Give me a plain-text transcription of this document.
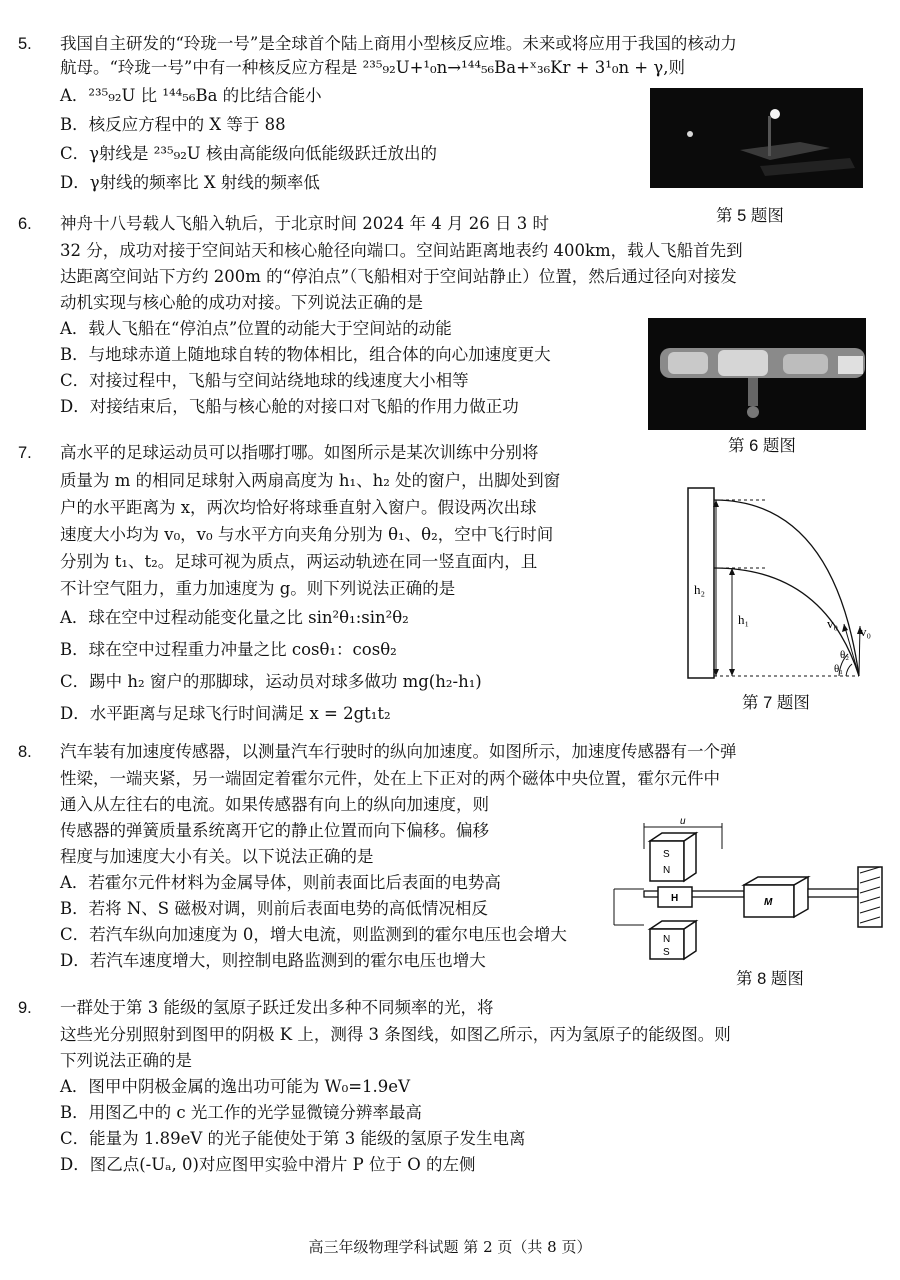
5. 我国自主研发的“玲珑一号”是全球首个陆上商用小型核反应堆。未来或将应用于我国的核动力
航母。“玲珑一号”中有一种核反应方程是 ²³⁵₉₂U+¹₀n→¹⁴⁴₅₆Ba+ˣ₃₆Kr + 3¹₀n + γ,则
A．²³⁵₉₂U 比 ¹⁴⁴₅₆Ba 的比结合能小
B．核反应方程中的 X 等于 88
C．γ射线是 ²³⁵₉₂U 核由高能级向低能级跃迁放出的
D．γ射线的频率比 X 射线的频率低
第 5 题图
6. 神舟十八号载人飞船入轨后，于北京时间 2024 年 4 月 26 日 3 时
32 分，成功对接于空间站天和核心舱径向端口。空间站距离地表约 400km，载人飞船首先到
达距离空间站下方约 200m 的“停泊点”（飞船相对于空间站静止）位置，然后通过径向对接发
动机实现与核心舱的成功对接。下列说法正确的是
A．载人飞船在“停泊点”位置的动能大于空间站的动能
B．与地球赤道上随地球自转的物体相比，组合体的向心加速度更大
C．对接过程中，飞船与空间站绕地球的线速度大小相等
D．对接结束后，飞船与核心舱的对接口对飞船的作用力做正功
第 6 题图
7. 高水平的足球运动员可以指哪打哪。如图所示是某次训练中分别将
质量为 m 的相同足球射入两扇高度为 h₁、h₂ 处的窗户，出脚处到窗
户的水平距离为 x，两次均恰好将球垂直射入窗户。假设两次出球
速度大小均为 v₀，v₀ 与水平方向夹角分别为 θ₁、θ₂，空中飞行时间
分别为 t₁、t₂。足球可视为质点，两运动轨迹在同一竖直面内，且
不计空气阻力，重力加速度为 g。则下列说法正确的是
A．球在空中过程动能变化量之比 sin²θ₁:sin²θ₂
B．球在空中过程重力冲量之比 cosθ₁：cosθ₂
C．踢中 h₂ 窗户的那脚球，运动员对球多做功 mg(h₂-h₁)
D．水平距离与足球飞行时间满足 x = 2gt₁t₂
h₂
h₁	v₀
v₀
θ₂
θ₁
第 7 题图
8. 汽车装有加速度传感器，以测量汽车行驶时的纵向加速度。如图所示，加速度传感器有一个弹
性梁，一端夹紧，另一端固定着霍尔元件，处在上下正对的两个磁体中央位置，霍尔元件中
通入从左往右的电流。如果传感器有向上的纵向加速度，则
传感器的弹簧质量系统离开它的静止位置而向下偏移。偏移
程度与加速度大小有关。以下说法正确的是
A．若霍尔元件材料为金属导体，则前表面比后表面的电势高
B．若将 N、S 磁极对调，则前后表面电势的高低情况相反
C．若汽车纵向加速度为 0，增大电流，则监测到的霍尔电压也会增大
D．若汽车速度增大，则控制电路监测到的霍尔电压也增大
u
S
N
H	M
N
S
第 8 题图
9. 一群处于第 3 能级的氢原子跃迁发出多种不同频率的光，将
这些光分别照射到图甲的阴极 K 上，测得 3 条图线，如图乙所示，丙为氢原子的能级图。则
下列说法正确的是
A．图甲中阴极金属的逸出功可能为 W₀=1.9eV
B．用图乙中的 c 光工作的光学显微镜分辨率最高
C．能量为 1.89eV 的光子能使处于第 3 能级的氢原子发生电离
D．图乙点(-Uₐ, 0)对应图甲实验中滑片 P 位于 O 的左侧
高三年级物理学科试题 第 2 页（共 8 页）
